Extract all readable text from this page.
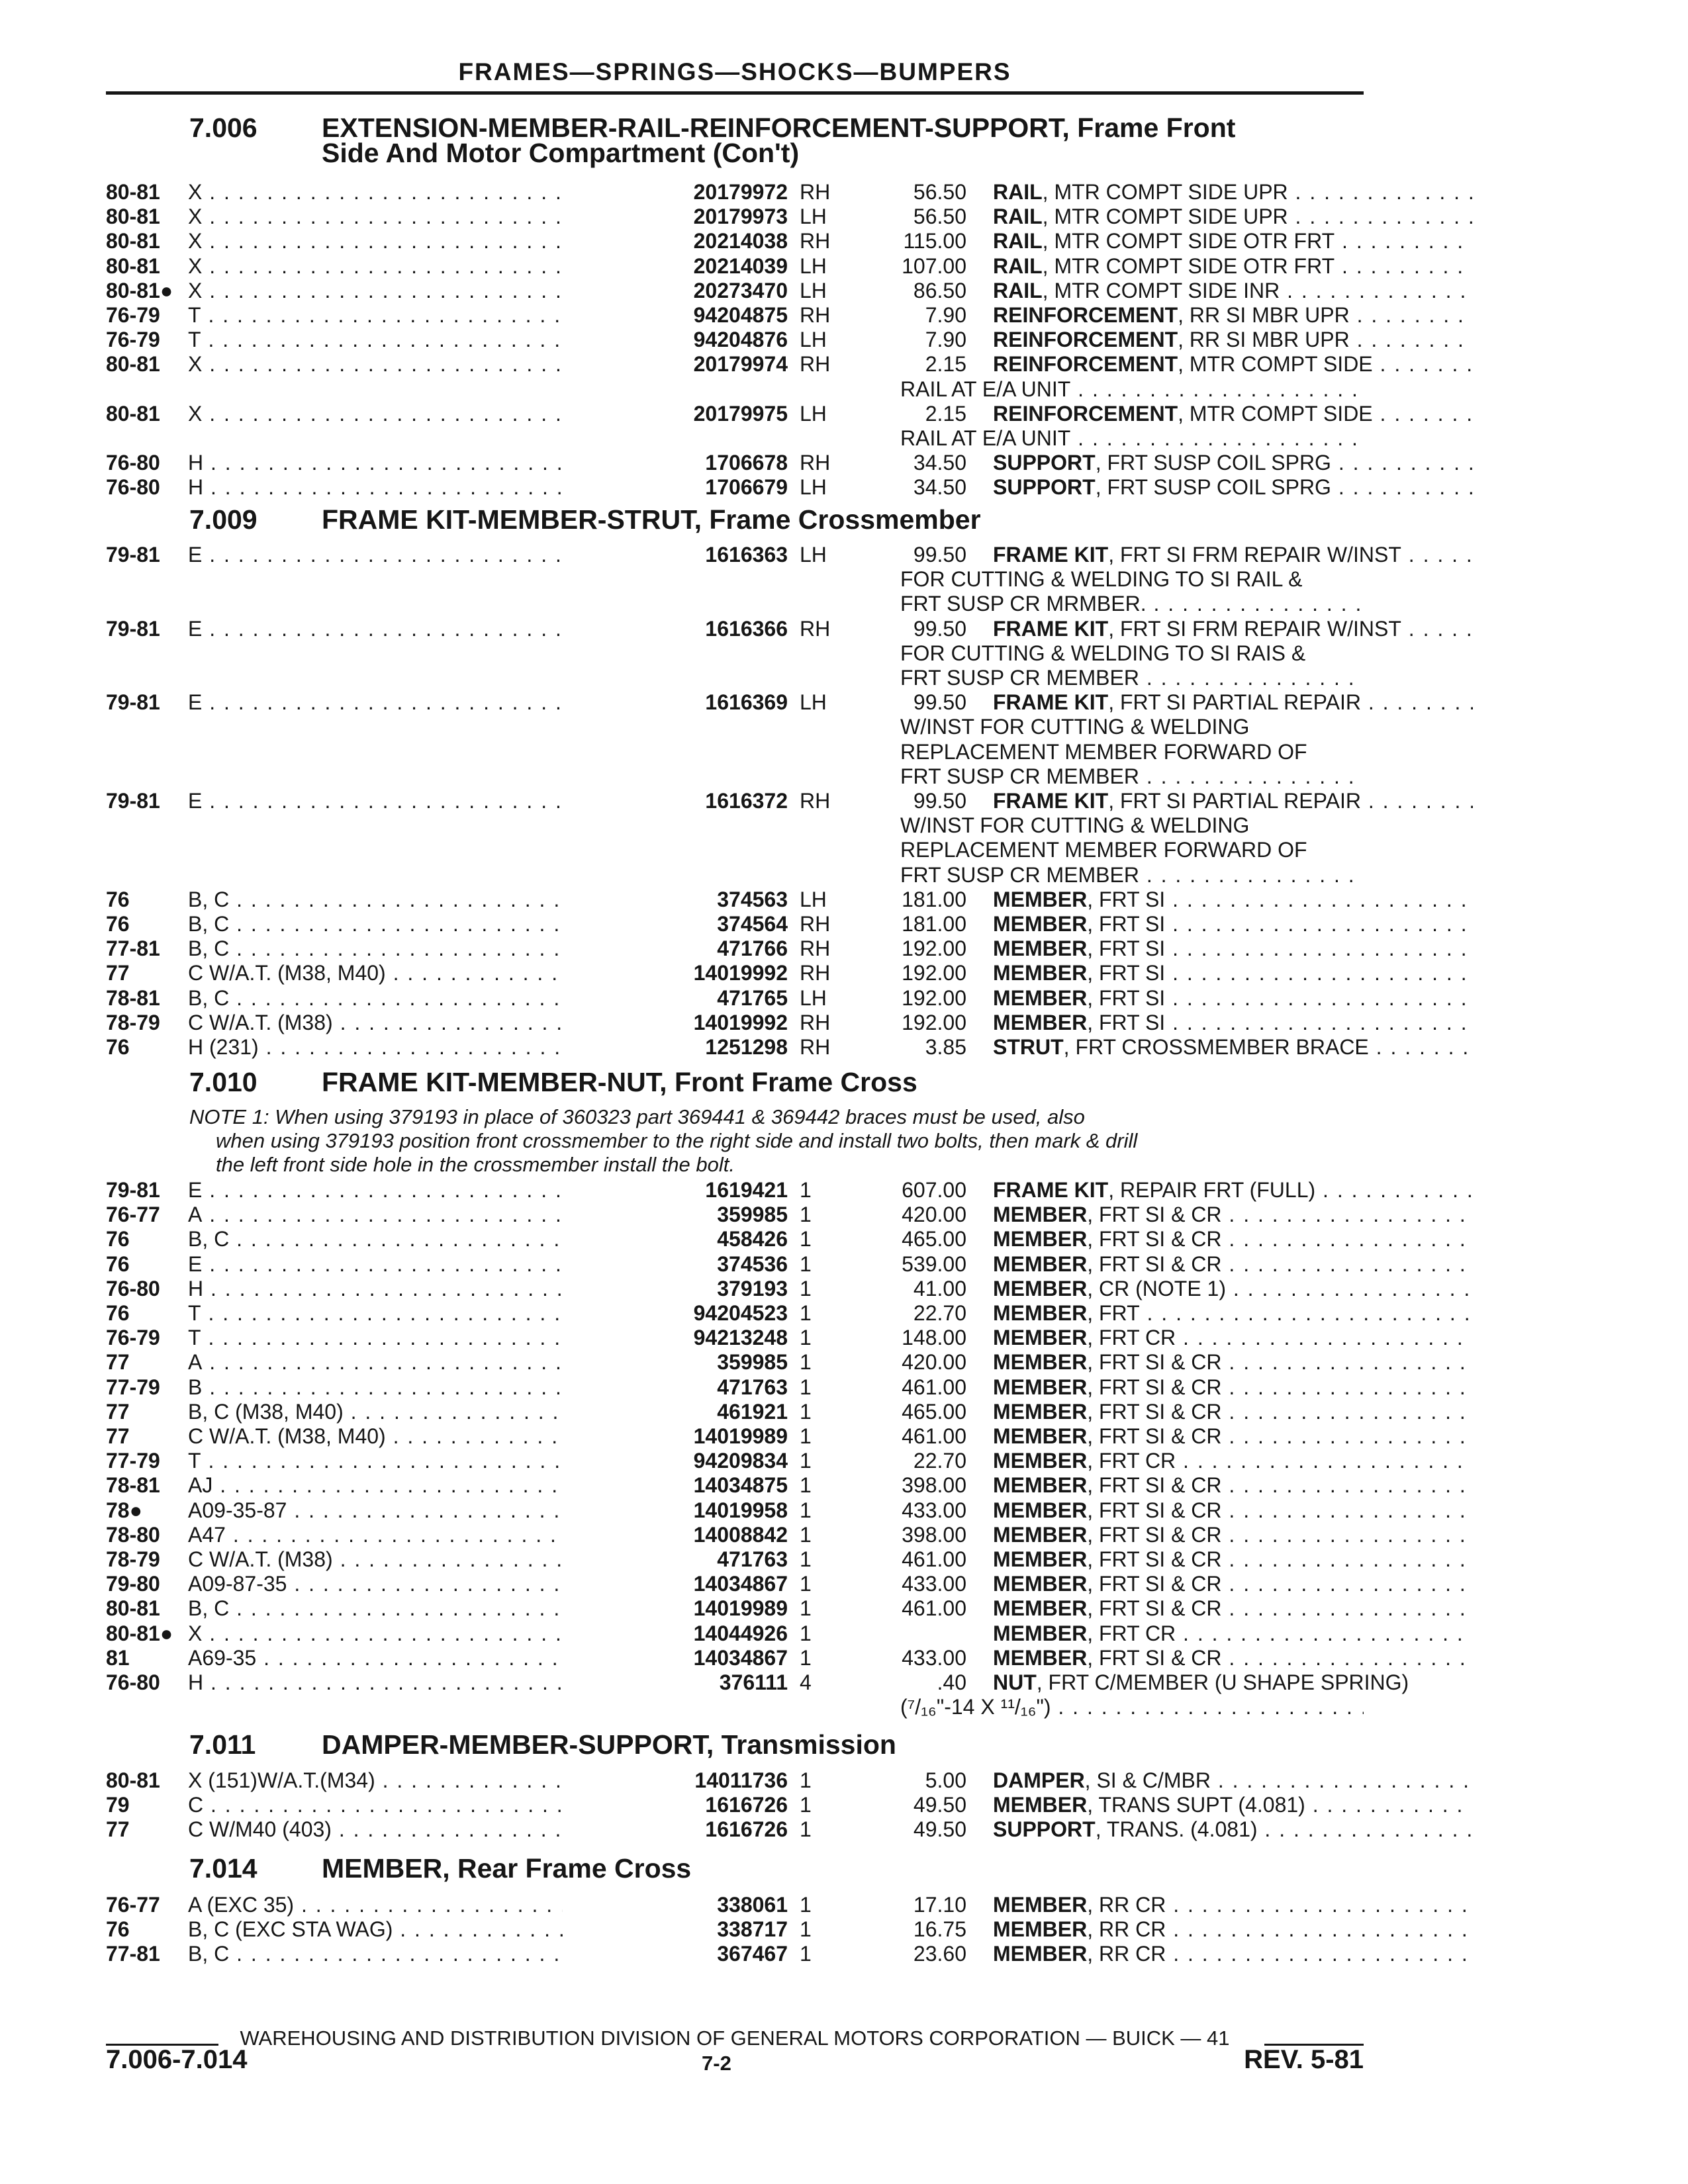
FRAMES—SPRINGS—SHOCKS—BUMPERS
7.006 EXTENSION-MEMBER-RAIL-REINFORCEMENT-SUPPORT, Frame Front
Side And Motor Compartment (Con't)
7.009 FRAME KIT-MEMBER-STRUT, Frame Crossmember
7.010 FRAME KIT-MEMBER-NUT, Front Frame Cross
NOTE 1: When using 379193 in place of 360323 part 369441 & 369442 braces must be used, also
when using 379193 position front crossmember to the right side and install two bolts, then mark & drill
the left front side hole in the crossmember install the bolt.
7.011 DAMPER-MEMBER-SUPPORT, Transmission
7.014 MEMBER, Rear Frame Cross
WAREHOUSING AND DISTRIBUTION DIVISION OF GENERAL MOTORS CORPORATION — BUICK — 41
7.006-7.014	7-2	REV. 5-81
80-81	X . . .	20179972 RH	56.50 RAIL, MTR COMPT SIDE UPR . . .
80-81	X . . .	20179973 LH	56.50 RAIL, MTR COMPT SIDE UPR . . .
80-81	X . . .	20214038 RH	115.00 RAIL, MTR COMPT SIDE OTR FRT . . .
80-81	X . . .	20214039 LH	107.00 RAIL, MTR COMPT SIDE OTR FRT . . .
80-81● X . . .	20273470 LH	86.50 RAIL, MTR COMPT SIDE INR . . .
76-79	T . . .	94204875 RH	7.90 REINFORCEMENT, RR SI MBR UPR . . .
76-79	T . . .	94204876 LH	7.90 REINFORCEMENT, RR SI MBR UPR . . .
80-81	X . . .	20179974 RH	2.15 REINFORCEMENT, MTR COMPT SIDE . . .
RAIL AT E/A UNIT . . .
80-81	X . . .	20179975 LH	2.15 REINFORCEMENT, MTR COMPT SIDE . . .
RAIL AT E/A UNIT . . .
76-80	H . . .	1706678 RH	34.50 SUPPORT, FRT SUSP COIL SPRG . . .
76-80	H . . .	1706679 LH	34.50 SUPPORT, FRT SUSP COIL SPRG . . .
79-81	E . . .	1616363 LH	99.50 FRAME KIT, FRT SI FRM REPAIR W/INST . . .
FOR CUTTING & WELDING TO SI RAIL &
FRT SUSP CR MRMBER. . . .
79-81	E . . .	1616366 RH	99.50 FRAME KIT, FRT SI FRM REPAIR W/INST . . .
FOR CUTTING & WELDING TO SI RAIS &
FRT SUSP CR MEMBER . . .
79-81	E . . .	1616369 LH	99.50 FRAME KIT, FRT SI PARTIAL REPAIR . . .
W/INST FOR CUTTING & WELDING
REPLACEMENT MEMBER FORWARD OF
FRT SUSP CR MEMBER . . .
79-81	E . . .	1616372 RH	99.50 FRAME KIT, FRT SI PARTIAL REPAIR . . .
W/INST FOR CUTTING & WELDING
REPLACEMENT MEMBER FORWARD OF
FRT SUSP CR MEMBER . . .
76	B, C . . .	374563 LH	181.00 MEMBER, FRT SI . . .
76	B, C . . .	374564 RH	181.00 MEMBER, FRT SI . . .
77-81	B, C . . .	471766 RH	192.00 MEMBER, FRT SI . . .
77	C W/A.T. (M38, M40) . . .	14019992 RH	192.00 MEMBER, FRT SI . . .
78-81	B, C . . .	471765 LH	192.00 MEMBER, FRT SI . . .
78-79	C W/A.T. (M38) . . .	14019992 RH	192.00 MEMBER, FRT SI . . .
76	H (231) . . .	1251298 RH	3.85 STRUT, FRT CROSSMEMBER BRACE . . .
79-81	E . . .	1619421 1	607.00 FRAME KIT, REPAIR FRT (FULL) . . .
76-77	A . . .	359985 1	420.00 MEMBER, FRT SI & CR . . .
76	B, C . . .	458426 1	465.00 MEMBER, FRT SI & CR . . .
76	E . . .	374536 1	539.00 MEMBER, FRT SI & CR . . .
76-80	H . . .	379193 1	41.00 MEMBER, CR (NOTE 1) . . .
76	T . . .	94204523 1	22.70 MEMBER, FRT . . .
76-79	T . . .	94213248 1	148.00 MEMBER, FRT CR . . .
77	A . . .	359985 1	420.00 MEMBER, FRT SI & CR . . .
77-79	B . . .	471763 1	461.00 MEMBER, FRT SI & CR . . .
77	B, C (M38, M40) . . .	461921 1	465.00 MEMBER, FRT SI & CR . . .
77	C W/A.T. (M38, M40) . . .	14019989 1	461.00 MEMBER, FRT SI & CR . . .
77-79	T . . .	94209834 1	22.70 MEMBER, FRT CR . . .
78-81	AJ . . .	14034875 1	398.00 MEMBER, FRT SI & CR . . .
78●	A09-35-87 . . .	14019958 1	433.00 MEMBER, FRT SI & CR . . .
78-80	A47 . . .	14008842 1	398.00 MEMBER, FRT SI & CR . . .
78-79	C W/A.T. (M38) . . .	471763 1	461.00 MEMBER, FRT SI & CR . . .
79-80	A09-87-35 . . .	14034867 1	433.00 MEMBER, FRT SI & CR . . .
80-81	B, C . . .	14019989 1	461.00 MEMBER, FRT SI & CR . . .
80-81● X . . .	14044926 1	MEMBER, FRT CR . . .
81	A69-35 . . .	14034867 1	433.00 MEMBER, FRT SI & CR . . .
76-80	H . . .	376111 4	.40 NUT, FRT C/MEMBER (U SHAPE SPRING)
(⁷/₁₆"-14 X ¹¹/₁₆") . . .
80-81	X (151)W/A.T.(M34) . . .	14011736 1	5.00 DAMPER, SI & C/MBR . . .
79	C . . .	1616726 1	49.50 MEMBER, TRANS SUPT (4.081) . . .
77	C W/M40 (403) . . .	1616726 1	49.50 SUPPORT, TRANS. (4.081) . . .
76-77	A (EXC 35) . . .	338061 1	17.10 MEMBER, RR CR . . .
76	B, C (EXC STA WAG) . . .	338717 1	16.75 MEMBER, RR CR . . .
77-81	B, C . . .	367467 1	23.60 MEMBER, RR CR . . .
